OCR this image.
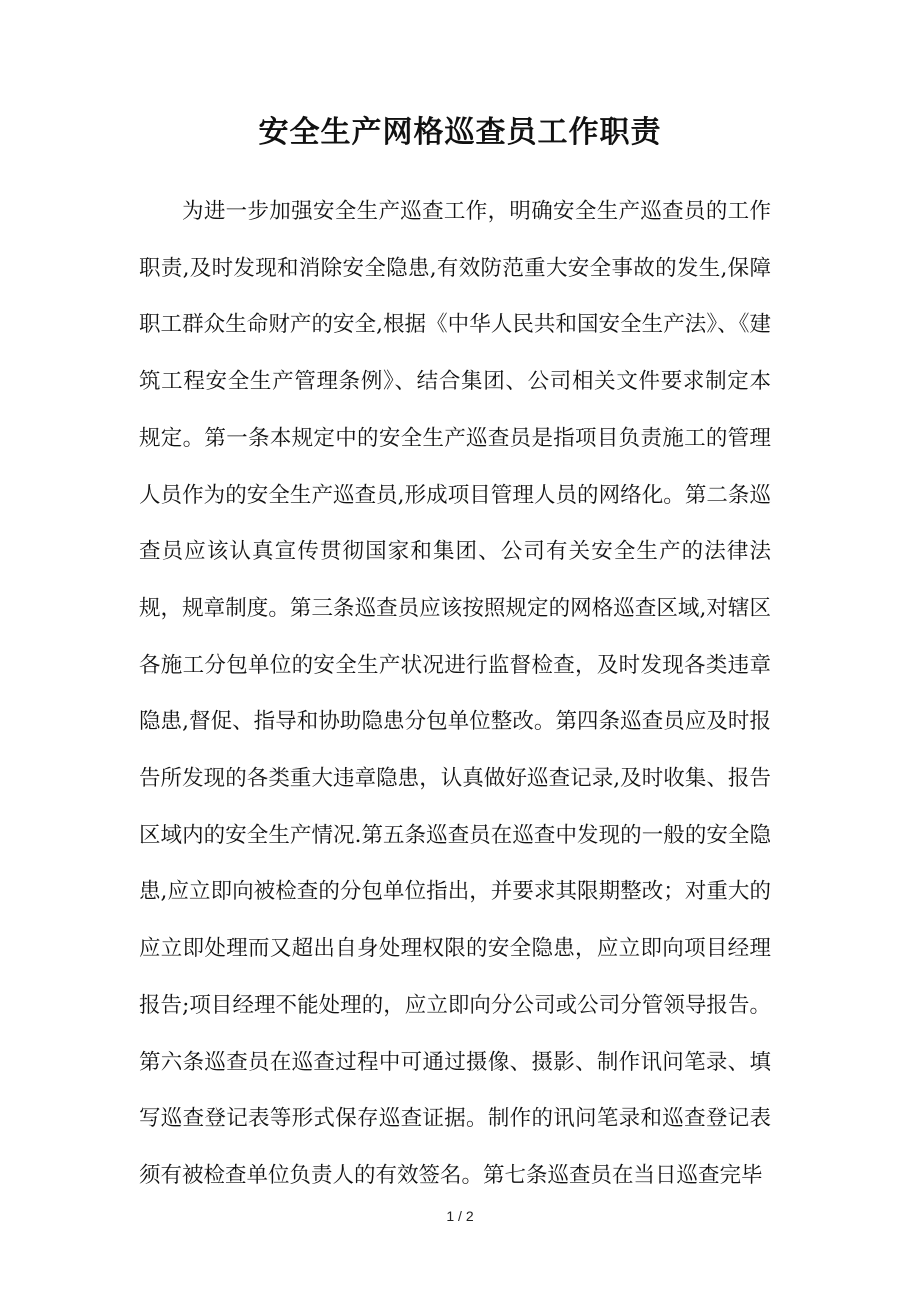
安全生产网格巡查员工作职责

为进一步加强安全生产巡查工作，明确安全生产巡查员的工作职责,及时发现和消除安全隐患,有效防范重大安全事故的发生,保障职工群众生命财产的安全,根据《中华人民共和国安全生产法》、《建筑工程安全生产管理条例》、结合集团、公司相关文件要求制定本规定。第一条本规定中的安全生产巡查员是指项目负责施工的管理人员作为的安全生产巡查员,形成项目管理人员的网络化。第二条巡查员应该认真宣传贯彻国家和集团、公司有关安全生产的法律法规，规章制度。第三条巡查员应该按照规定的网格巡查区域,对辖区各施工分包单位的安全生产状况进行监督检查，及时发现各类违章隐患,督促、指导和协助隐患分包单位整改。第四条巡查员应及时报告所发现的各类重大违章隐患，认真做好巡查记录,及时收集、报告区域内的安全生产情况.第五条巡查员在巡查中发现的一般的安全隐患,应立即向被检查的分包单位指出，并要求其限期整改；对重大的应立即处理而又超出自身处理权限的安全隐患，应立即向项目经理报告;项目经理不能处理的，应立即向分公司或公司分管领导报告。第六条巡查员在巡查过程中可通过摄像、摄影、制作讯问笔录、填写巡查登记表等形式保存巡查证据。制作的讯问笔录和巡查登记表须有被检查单位负责人的有效签名。第七条巡查员在当日巡查完毕

1 / 2
